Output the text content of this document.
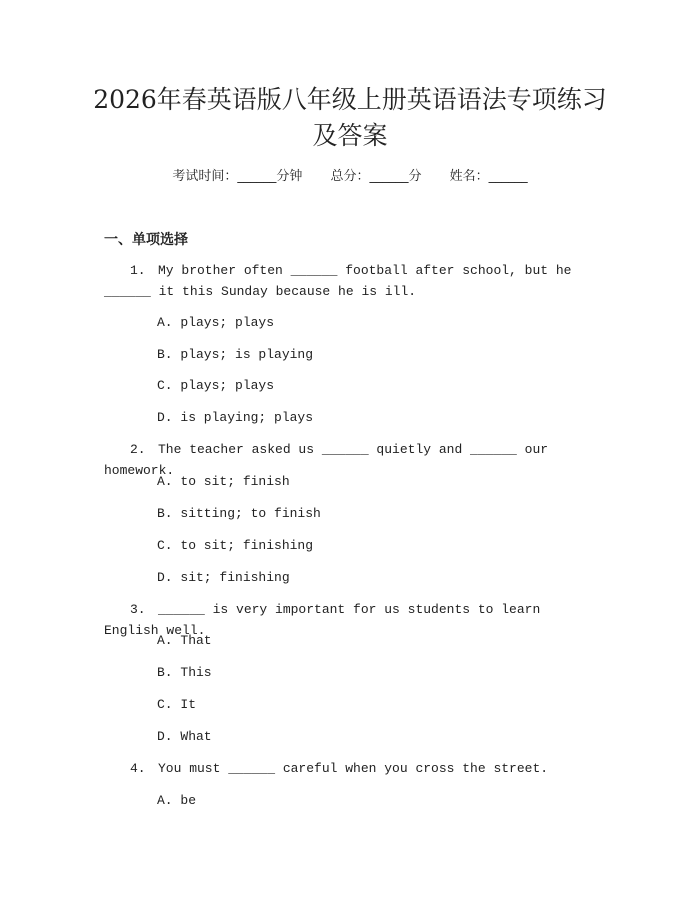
2026年春英语版八年级上册英语语法专项练习及答案
考试时间：______分钟 总分：______分 姓名：______
一、单项选择

1. My brother often ______ football after school, but he ______ it this Sunday because he is ill.

A. plays; plays
B. plays; is playing
C. plays; plays
D. is playing; plays

2. The teacher asked us ______ quietly and ______ our homework.

A. to sit; finish
B. sitting; to finish
C. to sit; finishing
D. sit; finishing

3. ______ is very important for us students to learn English well.

A. That
B. This
C. It
D. What

4. You must ______ careful when you cross the street.

A. be
